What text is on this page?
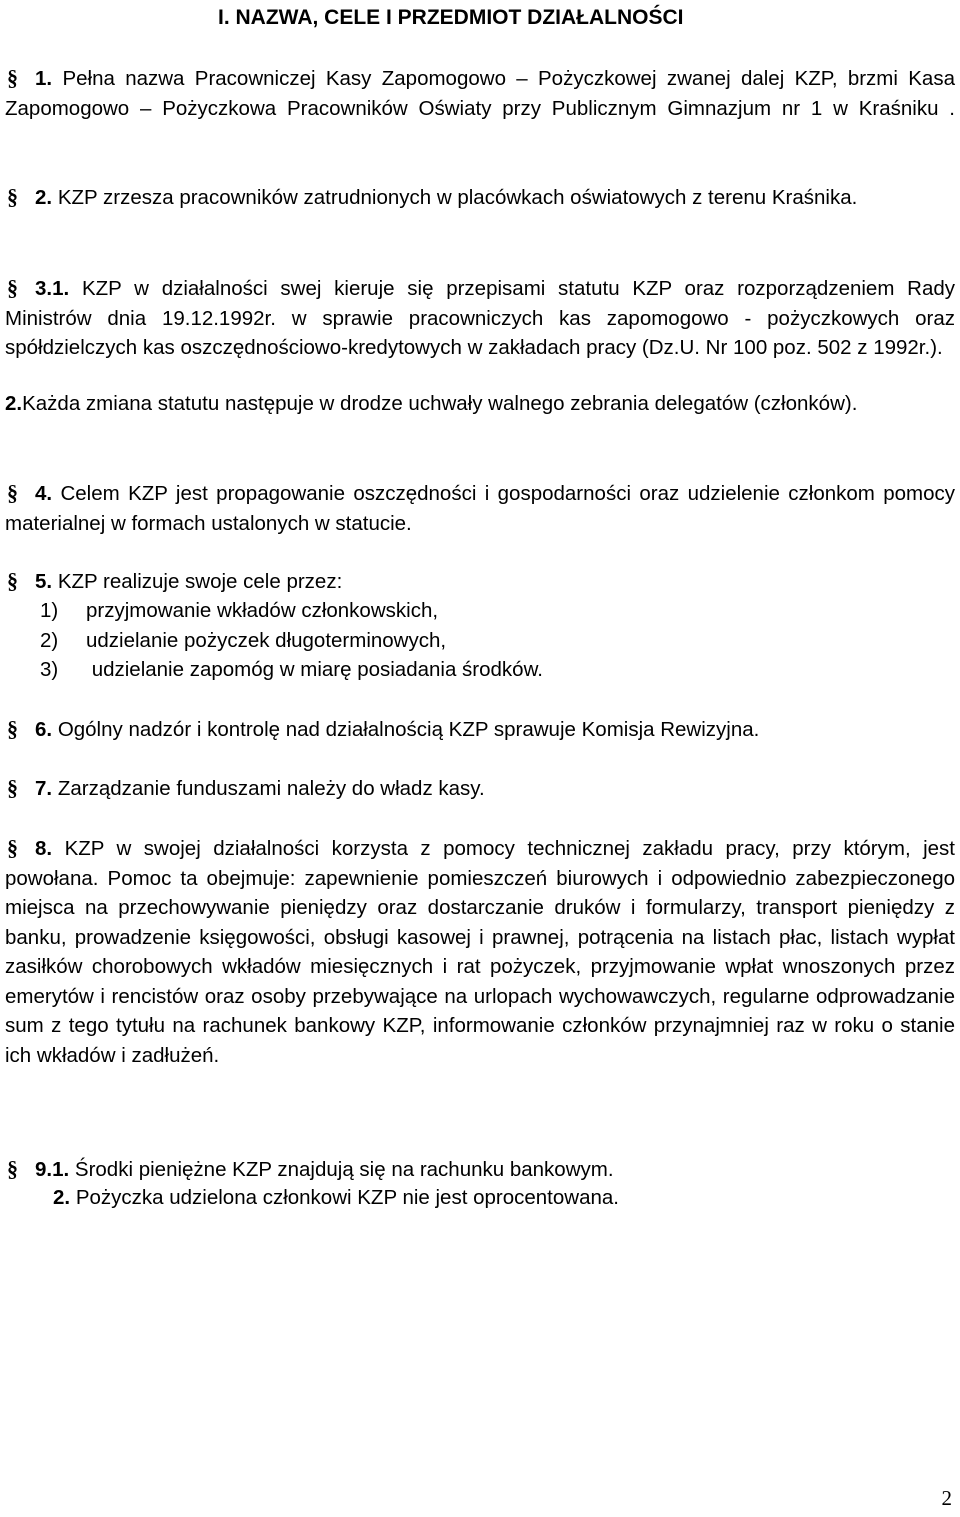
I. NAZWA, CELE I PRZEDMIOT DZIAŁALNOŚCI
§ 1. Pełna nazwa Pracowniczej Kasy Zapomogowo – Pożyczkowej zwanej dalej KZP, brzmi Kasa Zapomogowo – Pożyczkowa Pracowników Oświaty przy Publicznym Gimnazjum nr 1 w Kraśniku .
§ 2. KZP zrzesza pracowników zatrudnionych w placówkach oświatowych z terenu Kraśnika.
§ 3.1. KZP w działalności swej kieruje się przepisami statutu KZP oraz rozporządzeniem Rady Ministrów dnia 19.12.1992r. w sprawie pracowniczych kas zapomogowo - pożyczkowych oraz spółdzielczych kas oszczędnościowo-kredytowych w zakładach pracy (Dz.U. Nr 100 poz. 502 z 1992r.).
2.Każda zmiana statutu następuje w drodze uchwały walnego zebrania delegatów (członków).
§ 4. Celem KZP jest propagowanie oszczędności i gospodarności oraz udzielenie członkom pomocy materialnej w formach ustalonych w statucie.
§ 5. KZP realizuje swoje cele przez:
1) przyjmowanie wkładów członkowskich,
2) udzielanie pożyczek długoterminowych,
3) udzielanie zapomóg w miarę posiadania środków.
§ 6. Ogólny nadzór i kontrolę nad działalnością KZP sprawuje Komisja Rewizyjna.
§ 7. Zarządzanie funduszami należy do władz kasy.
§ 8. KZP w swojej działalności korzysta z pomocy technicznej zakładu pracy, przy którym, jest powołana. Pomoc ta obejmuje: zapewnienie pomieszczeń biurowych i odpowiednio zabezpieczonego miejsca na przechowywanie pieniędzy oraz dostarczanie druków i formularzy, transport pieniędzy z banku, prowadzenie księgowości, obsługi kasowej i prawnej, potrącenia na listach płac, listach wypłat zasiłków chorobowych wkładów miesięcznych i rat pożyczek, przyjmowanie wpłat wnoszonych przez emerytów i rencistów oraz osoby przebywające na urlopach wychowawczych, regularne odprowadzanie sum z tego tytułu na rachunek bankowy KZP, informowanie członków przynajmniej raz w roku o stanie ich wkładów i zadłużeń.
§ 9.1. Środki pieniężne KZP znajdują się na rachunku bankowym.
2. Pożyczka udzielona członkowi KZP nie jest oprocentowana.
2
